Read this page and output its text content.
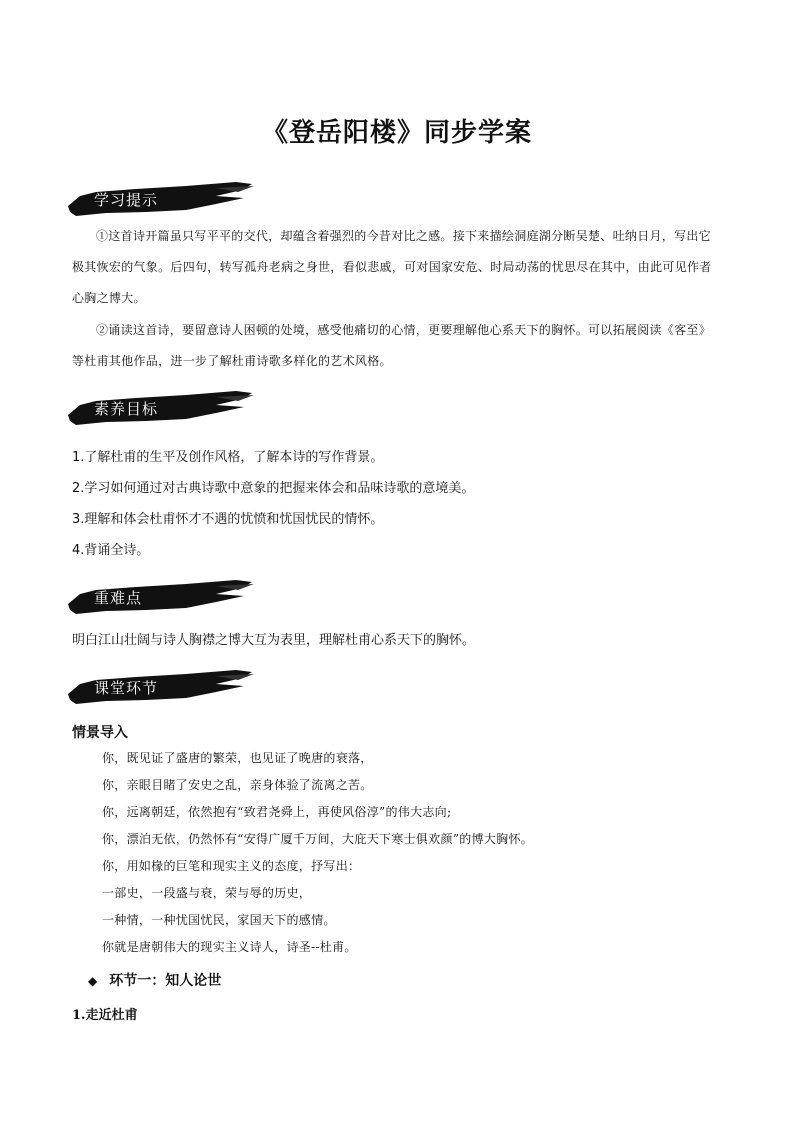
《登岳阳楼》同步学案
学习提示
①这首诗开篇虽只写平平的交代，却蕴含着强烈的今昔对比之感。接下来描绘洞庭湖分断吴楚、吐纳日月，写出它极其恢宏的气象。后四句，转写孤舟老病之身世，看似悲戚，可对国家安危、时局动荡的忧思尽在其中，由此可见作者心胸之博大。
②诵读这首诗，要留意诗人困顿的处境，感受他痛切的心情，更要理解他心系天下的胸怀。可以拓展阅读《客至》等杜甫其他作品，进一步了解杜甫诗歌多样化的艺术风格。
素养目标
1.了解杜甫的生平及创作风格，了解本诗的写作背景。
2.学习如何通过对古典诗歌中意象的把握来体会和品味诗歌的意境美。
3.理解和体会杜甫怀才不遇的忧愤和忧国忧民的情怀。
4.背诵全诗。
重难点
明白江山壮阔与诗人胸襟之博大互为表里，理解杜甫心系天下的胸怀。
课堂环节
情景导入
你，既见证了盛唐的繁荣，也见证了晚唐的衰落，
你，亲眼目睹了安史之乱，亲身体验了流离之苦。
你，远离朝廷，依然抱有“致君尧舜上，再使风俗淳”的伟大志向;
你，漂泊无依，仍然怀有“安得广厦千万间，大庇天下寒士俱欢颜”的博大胸怀。
你，用如椽的巨笔和现实主义的态度，抒写出：
一部史，一段盛与衰，荣与辱的历史，
一种情，一种忧国忧民，家国天下的感情。
你就是唐朝伟大的现实主义诗人，诗圣--杜甫。
◆ 环节一：知人论世
1.走近杜甫
